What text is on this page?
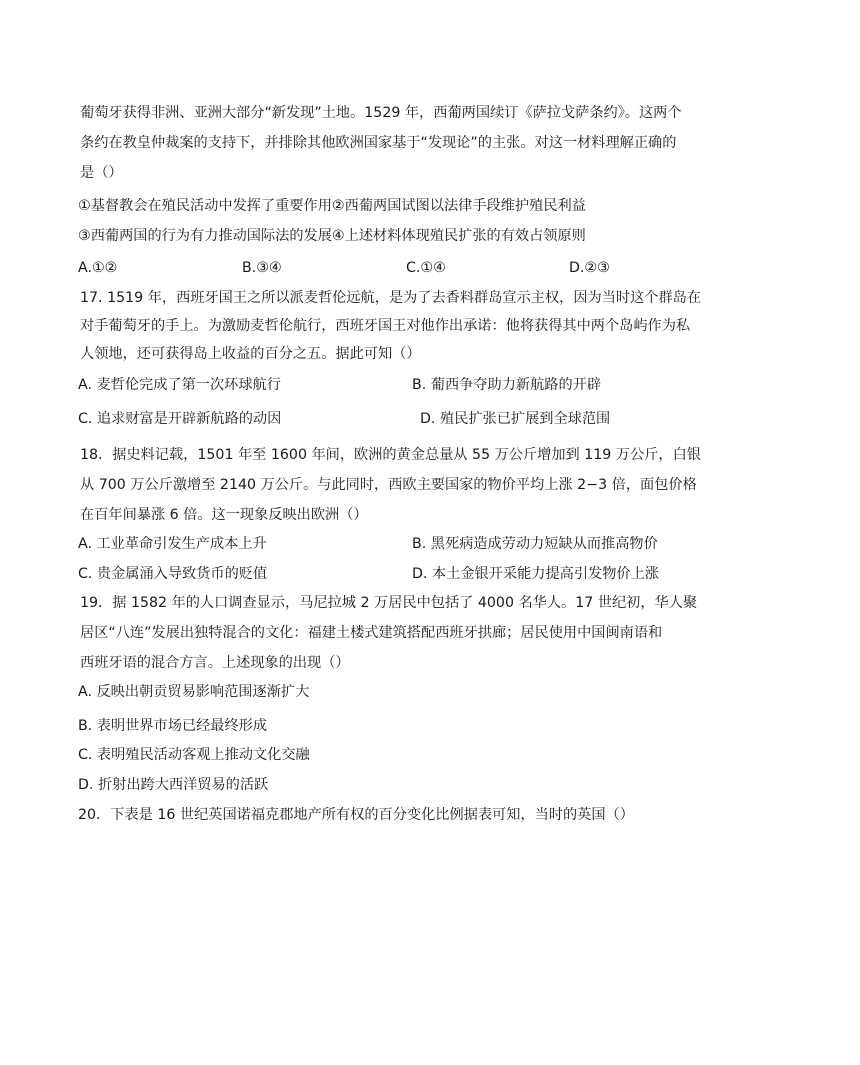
葡萄牙获得非洲、亚洲大部分“新发现”土地。1529 年，西葡两国续订《萨拉戈萨条约》。这两个
条约在教皇仲裁案的支持下，并排除其他欧洲国家基于“发现论”的主张。对这一材料理解正确的
是（）
①基督教会在殖民活动中发挥了重要作用②西葡两国试图以法律手段维护殖民利益
③西葡两国的行为有力推动国际法的发展④上述材料体现殖民扩张的有效占领原则
A.①②	B.③④	C.①④	D.②③
17. 1519 年，西班牙国王之所以派麦哲伦远航，是为了去香料群岛宣示主权，因为当时这个群岛在
对手葡萄牙的手上。为激励麦哲伦航行，西班牙国王对他作出承诺：他将获得其中两个岛屿作为私
人领地，还可获得岛上收益的百分之五。据此可知（）
A. 麦哲伦完成了第一次环球航行	B. 葡西争夺助力新航路的开辟
C. 追求财富是开辟新航路的动因	D. 殖民扩张已扩展到全球范围
18．据史料记载，1501 年至 1600 年间，欧洲的黄金总量从 55 万公斤增加到 119 万公斤，白银
从 700 万公斤激增至 2140 万公斤。与此同时，西欧主要国家的物价平均上涨 2−3 倍，面包价格
在百年间暴涨 6 倍。这一现象反映出欧洲（）
A. 工业革命引发生产成本上升	B. 黑死病造成劳动力短缺从而推高物价
C. 贵金属涌入导致货币的贬值	D. 本土金银开采能力提高引发物价上涨
19．据 1582 年的人口调查显示，马尼拉城 2 万居民中包括了 4000 名华人。17 世纪初，华人聚
居区“八连”发展出独特混合的文化：福建土楼式建筑搭配西班牙拱廊；居民使用中国闽南语和
西班牙语的混合方言。上述现象的出现（）
A. 反映出朝贡贸易影响范围逐渐扩大
B. 表明世界市场已经最终形成
C. 表明殖民活动客观上推动文化交融
D. 折射出跨大西洋贸易的活跃
20．下表是 16 世纪英国诺福克郡地产所有权的百分变化比例据表可知，当时的英国（）
